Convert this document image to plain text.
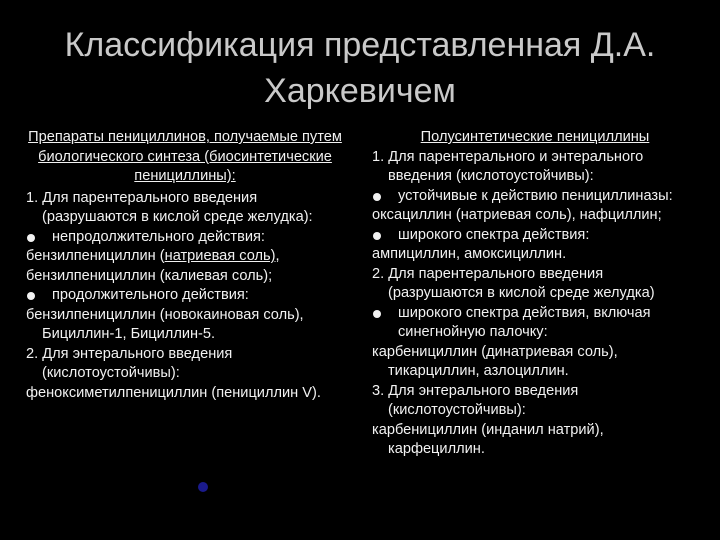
Классификация представленная Д.А.
Харкевичем
Препараты пенициллинов, получаемые путем биологического синтеза (биосинтетические пенициллины):

1. Для парентерального введения (разрушаются в кислой среде желудка):

непродолжительного действия:

бензилпенициллин (натриевая соль),

бензилпенициллин (калиевая соль);

продолжительного действия:

бензилпенициллин (новокаиновая соль), Бициллин-1, Бициллин-5.

2. Для энтерального введения (кислотоустойчивы):

феноксиметилпенициллин (пенициллин V).

Полусинтетические пенициллины

1. Для парентерального и энтерального введения (кислотоустойчивы):

устойчивые к действию пенициллиназы:

оксациллин (натриевая соль), нафциллин;

широкого спектра действия:

ампициллин, амоксициллин.

2. Для парентерального введения (разрушаются в кислой среде желудка)

широкого спектра действия, включая синегнойную палочку:

карбенициллин (динатриевая соль), тикарциллин, азлоциллин.

3. Для энтерального введения (кислотоустойчивы):

карбенициллин (инданил натрий), карфециллин.
